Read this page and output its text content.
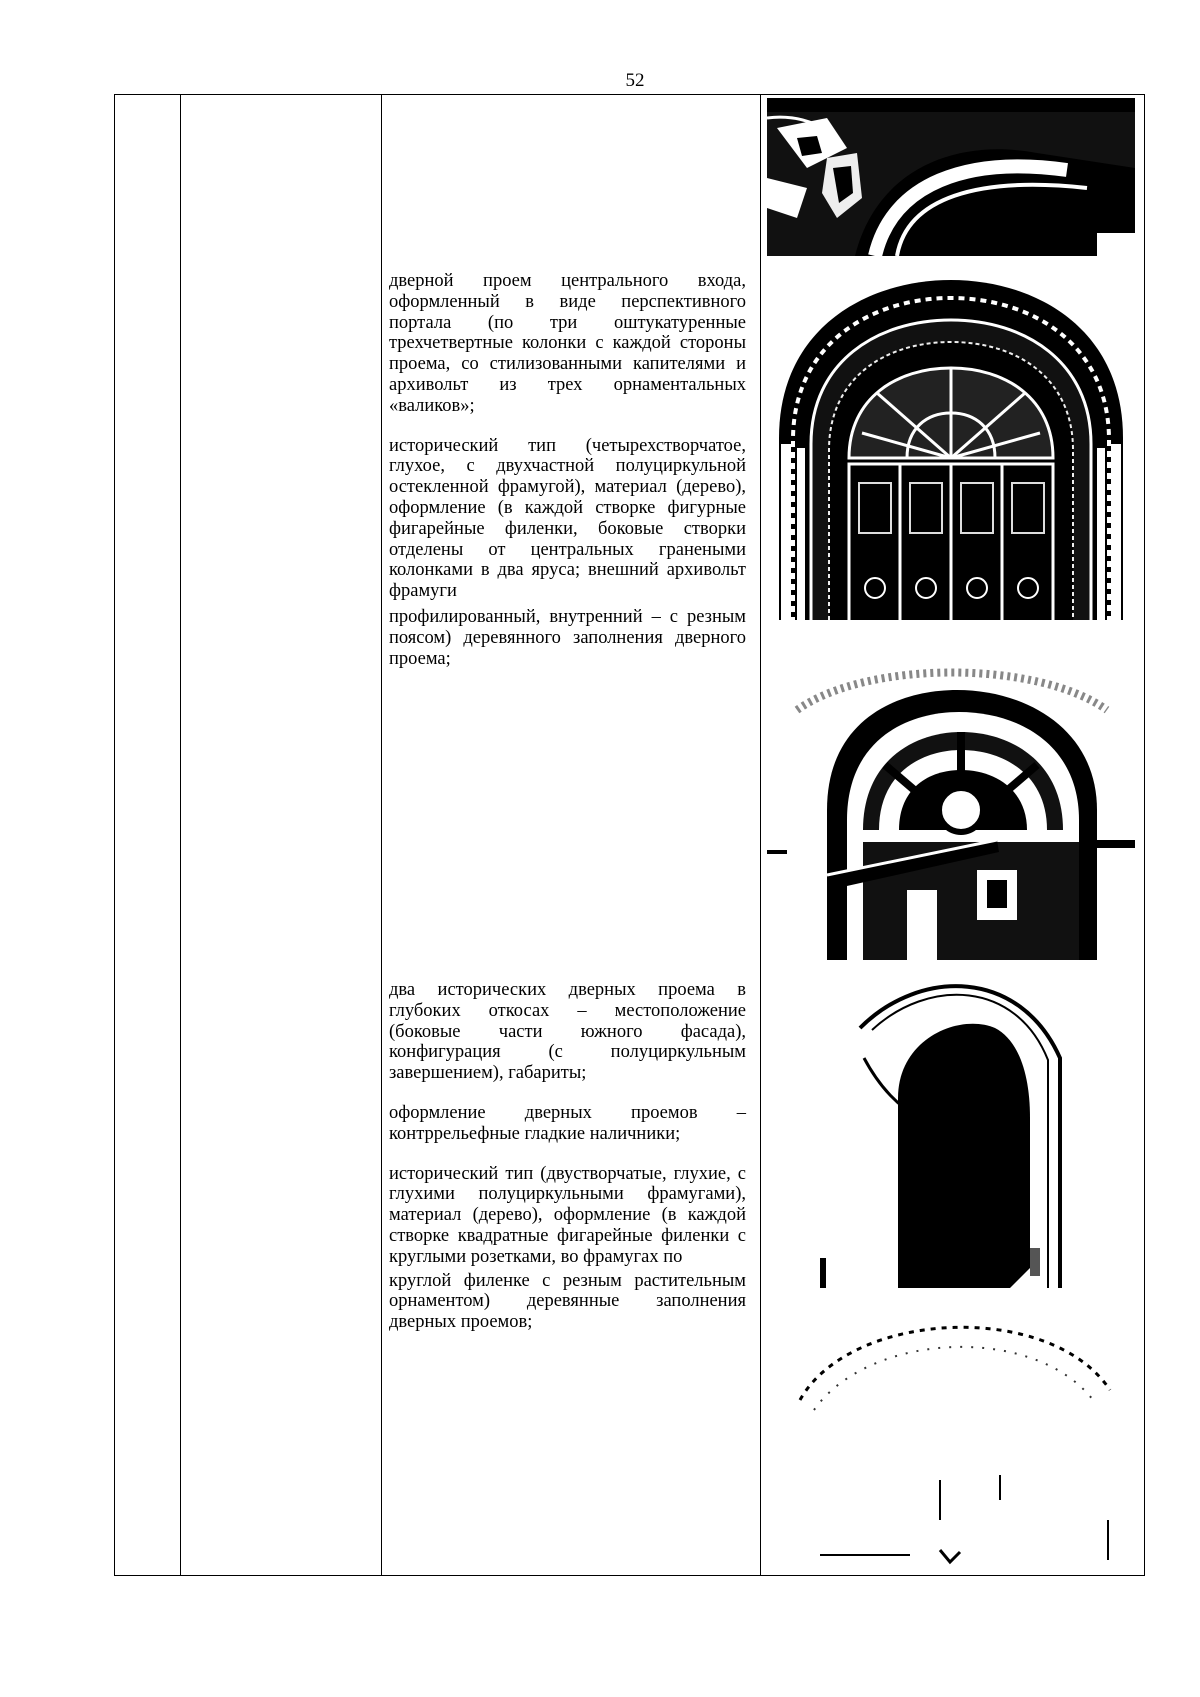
52

дверной проем центрального входа, оформленный в виде перспективного портала (по три оштукатуренные трехчетвертные колонки с каждой стороны проема, со стилизованными капителями и архивольт из трех орнаментальных «валиков»;

исторический тип (четырехстворчатое, глухое, с двухчастной полуциркульной остекленной фрамугой), материал (дерево), оформление (в каждой створке фигурные фигарейные филенки, боковые створки отделены от центральных гранеными колонками в два яруса; внешний архивольт фрамуги

профилированный, внутренний – с резным поясом) деревянного заполнения дверного проема;

два исторических дверных проема в глубоких откосах – местоположение (боковые части южного фасада), конфигурация (с полуциркульным завершением), габариты;

оформление дверных проемов – контррельефные гладкие наличники;

исторический тип (двустворчатые, глухие, с глухими полуциркульными фрамугами), материал (дерево), оформление (в каждой створке квадратные фигарейные филенки с круглыми розетками, во фрамугах по

круглой филенке с резным растительным орнаментом) деревянные заполнения дверных проемов;
